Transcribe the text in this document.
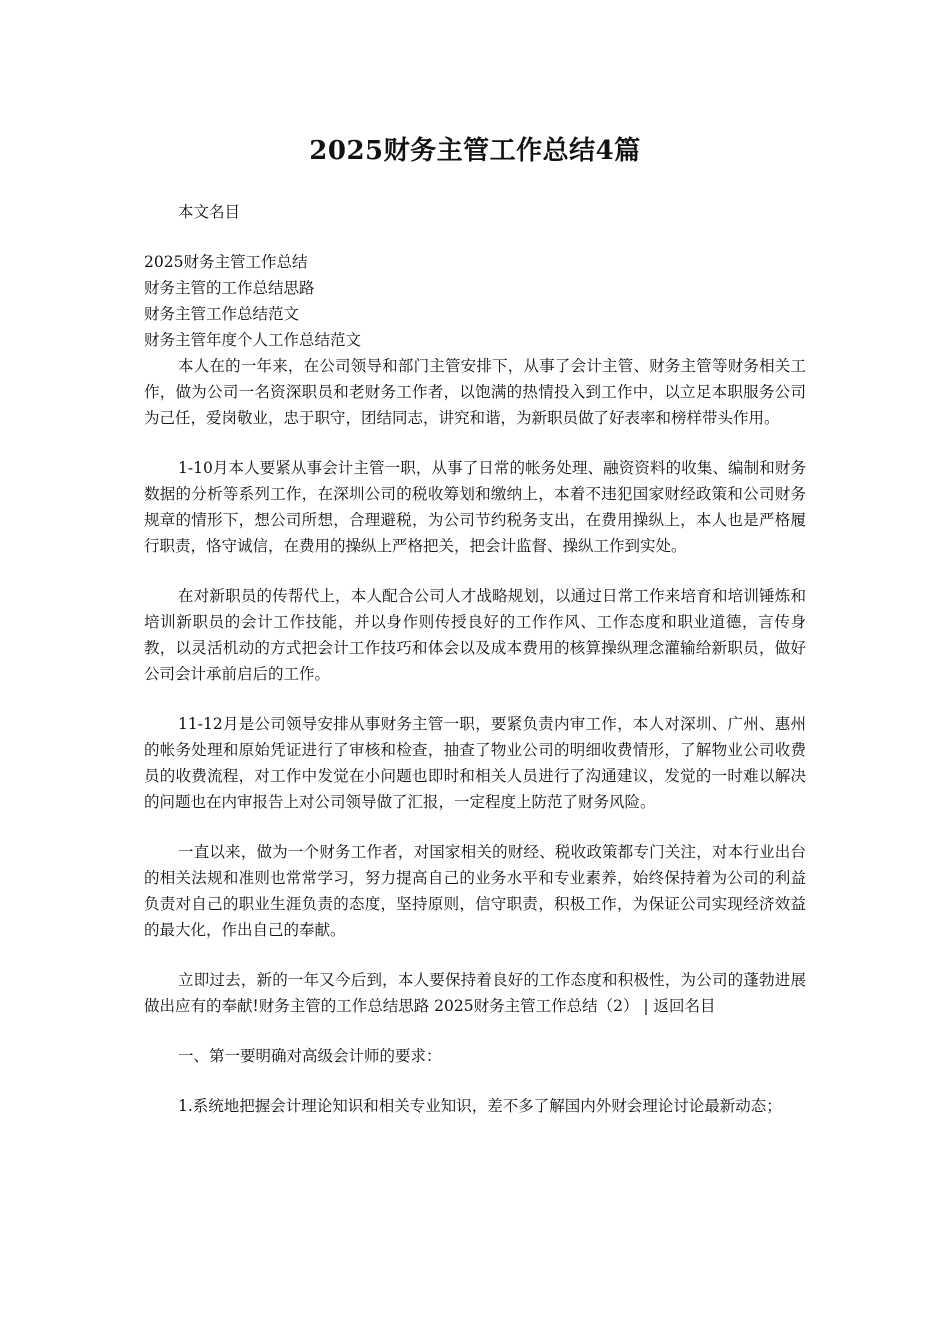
2025财务主管工作总结4篇

本文名目

2025财务主管工作总结
财务主管的工作总结思路
财务主管工作总结范文
财务主管年度个人工作总结范文

本人在的一年来，在公司领导和部门主管安排下，从事了会计主管、财务主管等财务相关工作，做为公司一名资深职员和老财务工作者，以饱满的热情投入到工作中，以立足本职服务公司为己任，爱岗敬业，忠于职守，团结同志，讲究和谐，为新职员做了好表率和榜样带头作用。

1-10月本人要紧从事会计主管一职，从事了日常的帐务处理、融资资料的收集、编制和财务数据的分析等系列工作，在深圳公司的税收筹划和缴纳上，本着不违犯国家财经政策和公司财务规章的情形下，想公司所想，合理避税，为公司节约税务支出，在费用操纵上，本人也是严格履行职责，恪守诚信，在费用的操纵上严格把关，把会计监督、操纵工作到实处。

在对新职员的传帮代上，本人配合公司人才战略规划，以通过日常工作来培育和培训锤炼和培训新职员的会计工作技能，并以身作则传授良好的工作作风、工作态度和职业道德，言传身教，以灵活机动的方式把会计工作技巧和体会以及成本费用的核算操纵理念灌输给新职员，做好公司会计承前启后的工作。

11-12月是公司领导安排从事财务主管一职，要紧负责内审工作，本人对深圳、广州、惠州的帐务处理和原始凭证进行了审核和检查，抽查了物业公司的明细收费情形，了解物业公司收费员的收费流程，对工作中发觉在小问题也即时和相关人员进行了沟通建议，发觉的一时难以解决的问题也在内审报告上对公司领导做了汇报，一定程度上防范了财务风险。

一直以来，做为一个财务工作者，对国家相关的财经、税收政策都专门关注，对本行业出台的相关法规和准则也常常学习，努力提高自己的业务水平和专业素养，始终保持着为公司的利益负责对自己的职业生涯负责的态度，坚持原则，信守职责，积极工作，为保证公司实现经济效益的最大化，作出自己的奉献。

立即过去，新的一年又今后到，本人要保持着良好的工作态度和积极性，为公司的蓬勃进展做出应有的奉献!财务主管的工作总结思路 2025财务主管工作总结（2） | 返回名目

一、第一要明确对高级会计师的要求：

1.系统地把握会计理论知识和相关专业知识，差不多了解国内外财会理论讨论最新动态；
